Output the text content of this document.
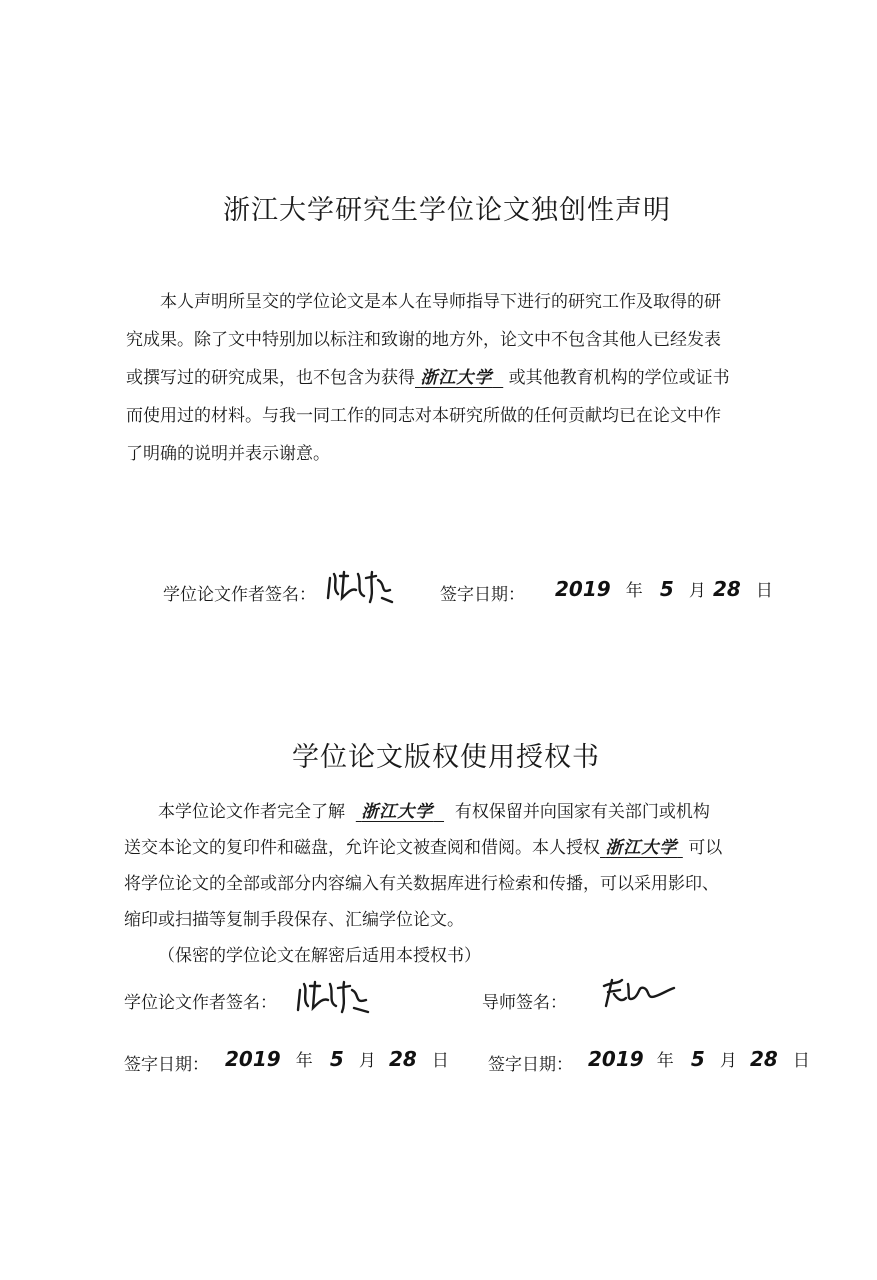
浙江大学研究生学位论文独创性声明
本人声明所呈交的学位论文是本人在导师指导下进行的研究工作及取得的研
究成果。除了文中特别加以标注和致谢的地方外，论文中不包含其他人已经发表
或撰写过的研究成果，也不包含为获得 浙江大学 或其他教育机构的学位或证书
而使用过的材料。与我一同工作的同志对本研究所做的任何贡献均已在论文中作
了明确的说明并表示谢意。
学位论文作者签名：	签字日期： 2019 年 5 月 28 日
学位论文版权使用授权书
本学位论文作者完全了解 浙江大学 有权保留并向国家有关部门或机构
送交本论文的复印件和磁盘，允许论文被查阅和借阅。本人授权 浙江大学 可以
将学位论文的全部或部分内容编入有关数据库进行检索和传播，可以采用影印、
缩印或扫描等复制手段保存、汇编学位论文。
（保密的学位论文在解密后适用本授权书）
学位论文作者签名：	导师签名：
签字日期： 2019 年 5 月 28 日 签字日期： 2019 年 5 月 28 日
